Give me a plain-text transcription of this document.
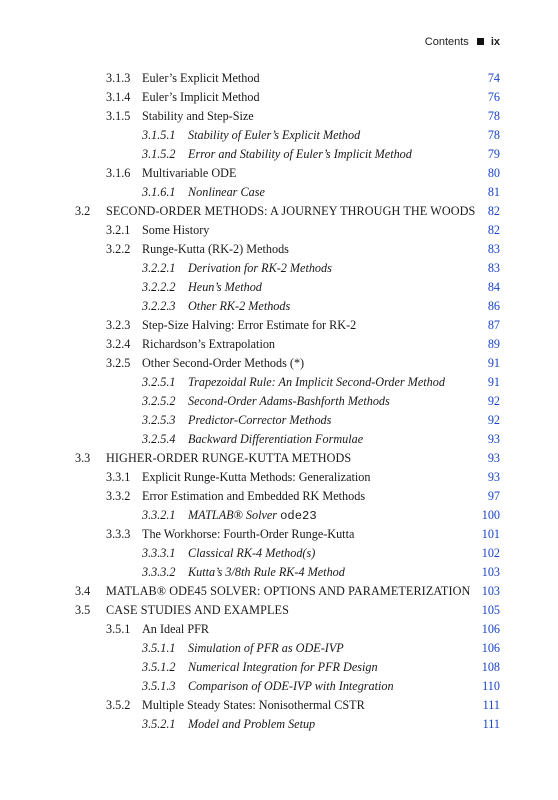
Contents ix
3.1.3 Euler’s Explicit Method	74
3.1.4 Euler’s Implicit Method	76
3.1.5 Stability and Step-Size	78
3.1.5.1 Stability of Euler’s Explicit Method	78
3.1.5.2 Error and Stability of Euler’s Implicit Method	79
3.1.6 Multivariable ODE	80
3.1.6.1 Nonlinear Case	81
3.2 SECOND-ORDER METHODS: A JOURNEY THROUGH THE WOODS 82
3.2.1 Some History	82
3.2.2 Runge-Kutta (RK-2) Methods	83
3.2.2.1 Derivation for RK-2 Methods	83
3.2.2.2 Heun’s Method	84
3.2.2.3 Other RK-2 Methods	86
3.2.3 Step-Size Halving: Error Estimate for RK-2	87
3.2.4 Richardson’s Extrapolation	89
3.2.5 Other Second-Order Methods (*)	91
3.2.5.1 Trapezoidal Rule: An Implicit Second-Order Method	91
3.2.5.2 Second-Order Adams-Bashforth Methods	92
3.2.5.3 Predictor-Corrector Methods	92
3.2.5.4 Backward Differentiation Formulae	93
3.3 HIGHER-ORDER RUNGE-KUTTA METHODS	93
3.3.1 Explicit Runge-Kutta Methods: Generalization	93
3.3.2 Error Estimation and Embedded RK Methods	97
3.3.2.1 MATLAB® Solver ode23	100
3.3.3 The Workhorse: Fourth-Order Runge-Kutta	101
3.3.3.1 Classical RK-4 Method(s)	102
3.3.3.2 Kutta’s 3/8th Rule RK-4 Method	103
3.4 MATLAB® ODE45 SOLVER: OPTIONS AND PARAMETERIZATION 103
3.5 CASE STUDIES AND EXAMPLES	105
3.5.1 An Ideal PFR	106
3.5.1.1 Simulation of PFR as ODE-IVP	106
3.5.1.2 Numerical Integration for PFR Design	108
3.5.1.3 Comparison of ODE-IVP with Integration	110
3.5.2 Multiple Steady States: Nonisothermal CSTR	111
3.5.2.1 Model and Problem Setup	111
